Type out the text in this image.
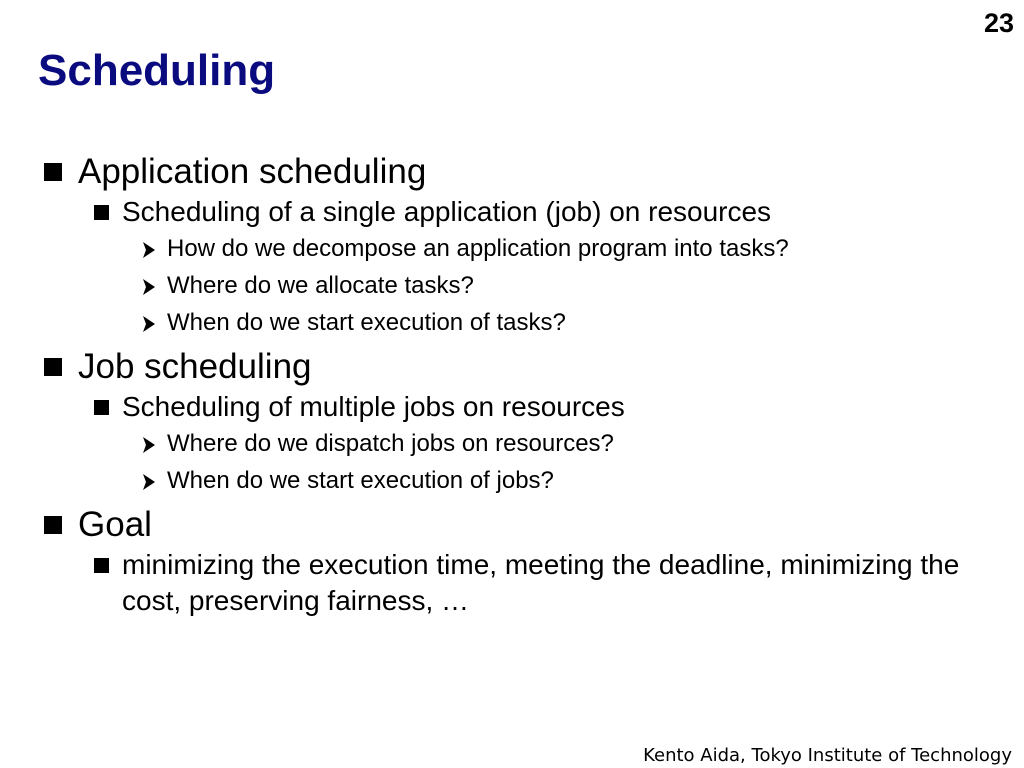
23
Scheduling
Application scheduling
Scheduling of a single application (job) on resources
How do we decompose an application program into tasks?
Where do we allocate tasks?
When do we start execution of tasks?
Job scheduling
Scheduling of multiple jobs on resources
Where do we dispatch jobs on resources?
When do we start execution of jobs?
Goal
minimizing the execution time, meeting the deadline, minimizing the cost, preserving fairness, …
Kento Aida, Tokyo Institute of Technology
